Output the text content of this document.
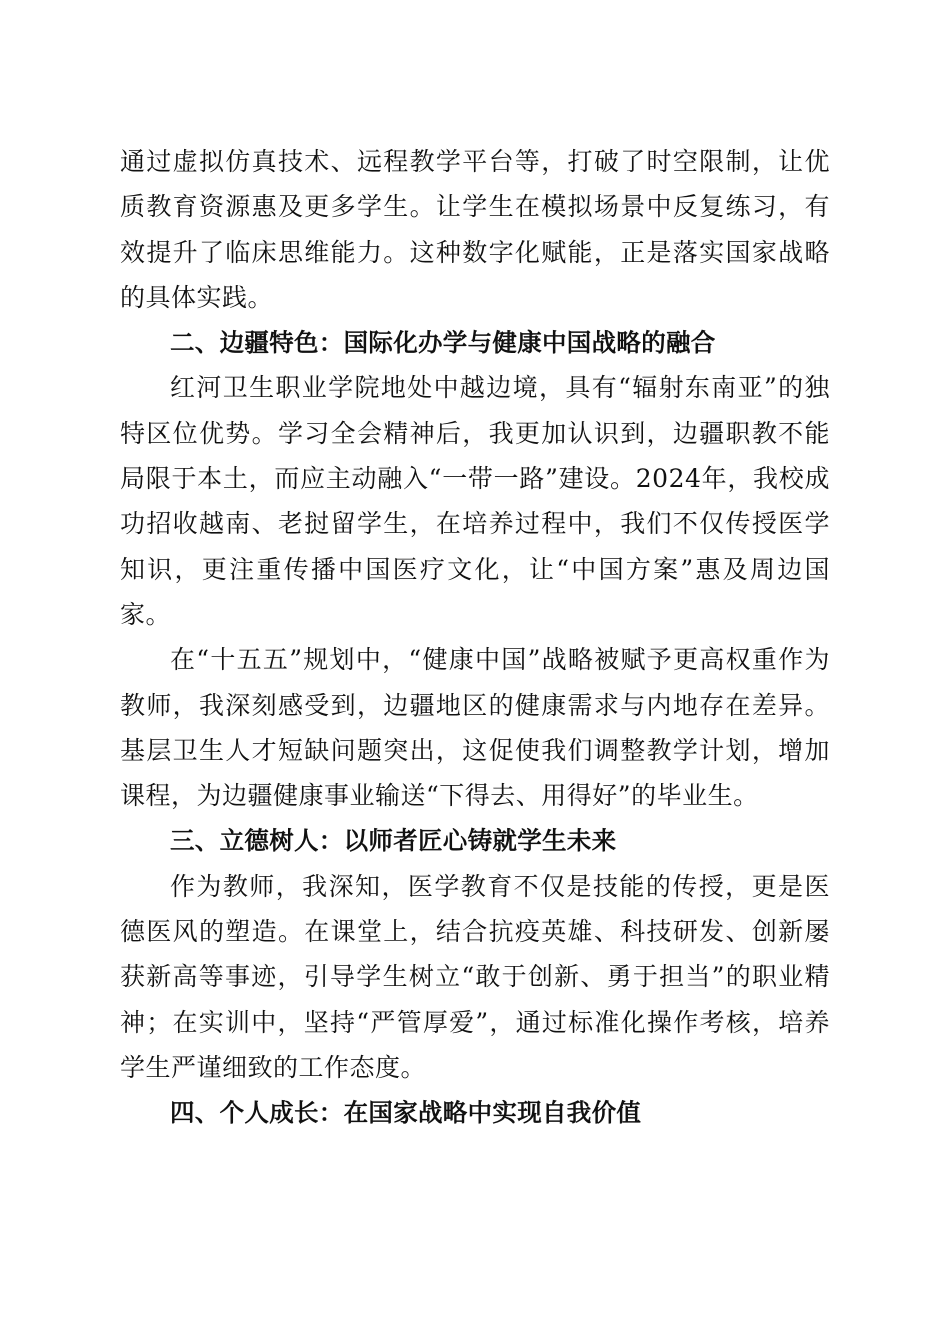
通过虚拟仿真技术、远程教学平台等，打破了时空限制，让优质教育资源惠及更多学生。让学生在模拟场景中反复练习，有效提升了临床思维能力。这种数字化赋能，正是落实国家战略的具体实践。

二、边疆特色：国际化办学与健康中国战略的融合

红河卫生职业学院地处中越边境，具有“辐射东南亚”的独特区位优势。学习全会精神后，我更加认识到，边疆职教不能局限于本土，而应主动融入“一带一路”建设。2024年，我校成功招收越南、老挝留学生，在培养过程中，我们不仅传授医学知识，更注重传播中国医疗文化，让“中国方案”惠及周边国家。

在“十五五”规划中，“健康中国”战略被赋予更高权重作为教师，我深刻感受到，边疆地区的健康需求与内地存在差异。基层卫生人才短缺问题突出，这促使我们调整教学计划，增加课程，为边疆健康事业输送“下得去、用得好”的毕业生。

三、立德树人：以师者匠心铸就学生未来

作为教师，我深知，医学教育不仅是技能的传授，更是医德医风的塑造。在课堂上，结合抗疫英雄、科技研发、创新屡获新高等事迹，引导学生树立“敢于创新、勇于担当”的职业精神；在实训中，坚持“严管厚爱”，通过标准化操作考核，培养学生严谨细致的工作态度。

四、个人成长：在国家战略中实现自我价值
